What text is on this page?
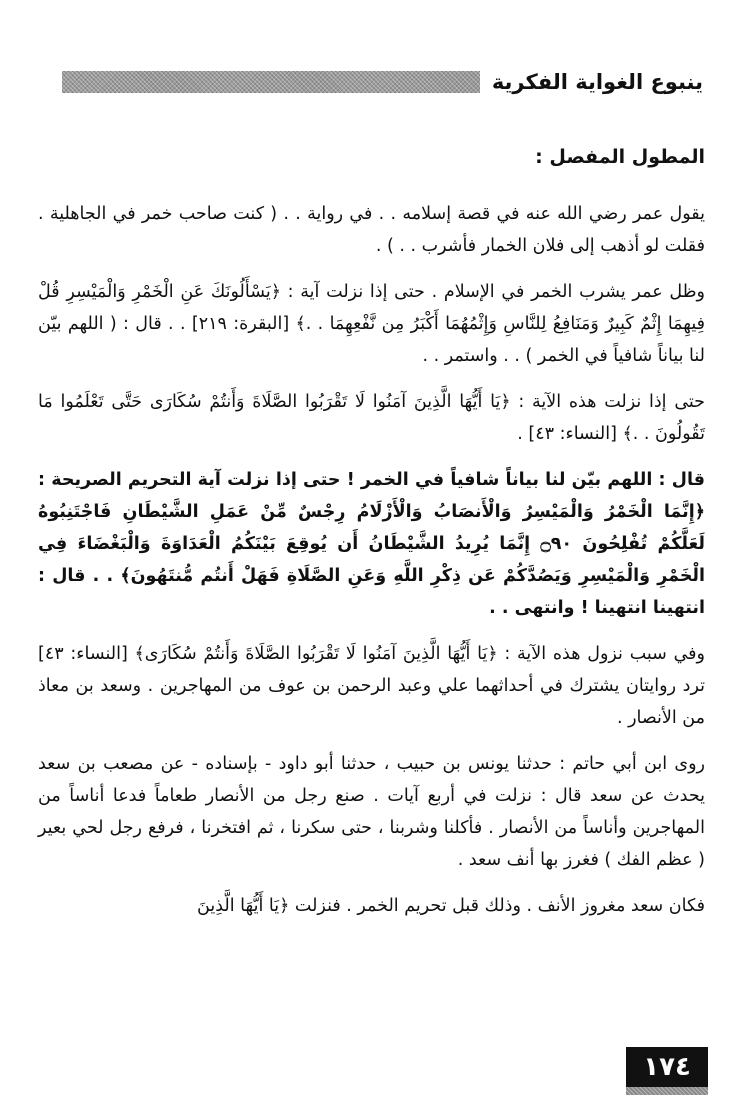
ينبوع الغواية الفكرية
المطول المفصل :

يقول عمر رضي الله عنه في قصة إسلامه . . في رواية . . ( كنت صاحب خمر في الجاهلية . فقلت لو أذهب إلى فلان الخمار فأشرب . . ) .

وظل عمر يشرب الخمر في الإسلام . حتى إذا نزلت آية : ﴿يَسْأَلُونَكَ عَنِ الْخَمْرِ وَالْمَيْسِرِ قُلْ فِيهِمَا إِثْمٌ كَبِيرٌ وَمَنَافِعُ لِلنَّاسِ وَإِثْمُهُمَا أَكْبَرُ مِن نَّفْعِهِمَا . .﴾ [البقرة: ٢١٩] . . قال : ( اللهم بيّن لنا بياناً شافياً في الخمر ) . . واستمر . .

حتى إذا نزلت هذه الآية : ﴿يَا أَيُّهَا الَّذِينَ آمَنُوا لَا تَقْرَبُوا الصَّلَاةَ وَأَنتُمْ سُكَارَى حَتَّى تَعْلَمُوا مَا تَقُولُونَ . .﴾ [النساء: ٤٣] .

قال : اللهم بيّن لنا بياناً شافياً في الخمر ! حتى إذا نزلت آية التحريم الصريحة : ﴿إِنَّمَا الْخَمْرُ وَالْمَيْسِرُ وَالْأَنصَابُ وَالْأَزْلَامُ رِجْسٌ مِّنْ عَمَلِ الشَّيْطَانِ فَاجْتَنِبُوهُ لَعَلَّكُمْ تُفْلِحُونَ ۝٩٠ إِنَّمَا يُرِيدُ الشَّيْطَانُ أَن يُوقِعَ بَيْنَكُمُ الْعَدَاوَةَ وَالْبَغْضَاءَ فِي الْخَمْرِ وَالْمَيْسِرِ وَيَصُدَّكُمْ عَن ذِكْرِ اللَّهِ وَعَنِ الصَّلَاةِ فَهَلْ أَنتُم مُّنتَهُونَ﴾ . . قال : انتهينا انتهينا ! وانتهى . .

وفي سبب نزول هذه الآية : ﴿يَا أَيُّهَا الَّذِينَ آمَنُوا لَا تَقْرَبُوا الصَّلَاةَ وَأَنتُمْ سُكَارَى﴾ [النساء: ٤٣] ترد روايتان يشترك في أحداثهما علي وعبد الرحمن بن عوف من المهاجرين . وسعد بن معاذ من الأنصار .

روى ابن أبي حاتم : حدثنا يونس بن حبيب ، حدثنا أبو داود - بإسناده - عن مصعب بن سعد يحدث عن سعد قال : نزلت في أربع آيات . صنع رجل من الأنصار طعاماً فدعا أناساً من المهاجرين وأناساً من الأنصار . فأكلنا وشربنا ، حتى سكرنا ، ثم افتخرنا ، فرفع رجل لحي بعير ( عظم الفك ) فغرز بها أنف سعد .

فكان سعد مغروز الأنف . وذلك قبل تحريم الخمر . فنزلت ﴿يَا أَيُّهَا الَّذِينَ

١٧٤
